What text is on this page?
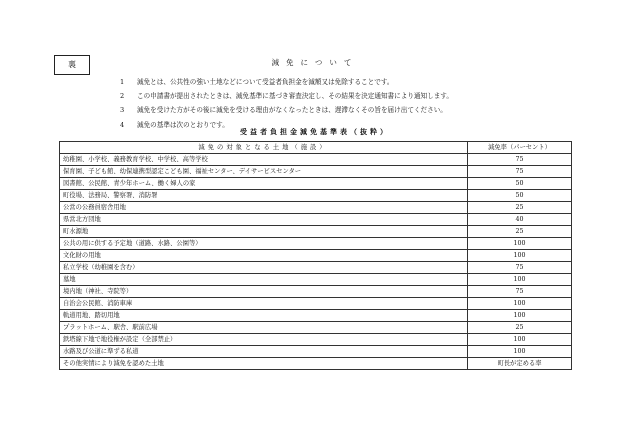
裏	減免について
1 減免とは、公共性の強い土地などについて受益者負担金を減額又は免除することです。
2 この申請書が提出されたときは、減免基準に基づき審査決定し、その結果を決定通知書により通知します。
3 減免を受けた方がその後に減免を受ける理由がなくなったときは、遅滞なくその旨を届け出てください。
4 減免の基準は次のとおりです。
受益者負担金減免基準表（抜粋）
減免の対象となる土地（施設）	減免率（パーセント）
幼稚園、小学校、義務教育学校、中学校、高等学校	75
保育園、子ども館、幼保連携型認定こども園、福祉センター、デイサービスセンター	75
図書館、公民館、青少年ホーム、働く婦人の家	50
町役場、法務局、警察署、消防署	50
公営の公務員宿舎用地	25
県営北方団地	40
町水源地	25
公共の用に供する予定地（道路、水路、公園等）	100
文化財の用地	100
私立学校（幼稚園を含む）	75
墓地	100
境内地（神社、寺院等）	75
自治会公民館、消防車庫	100
軌道用地、踏切用地	100
プラットホーム、駅舎、駅前広場	25
鉄塔線下地で地役権が設定（全部禁止）	100
水路及び公道に準ずる私道	100
その他実情により減免を認めた土地	町長が定める率
